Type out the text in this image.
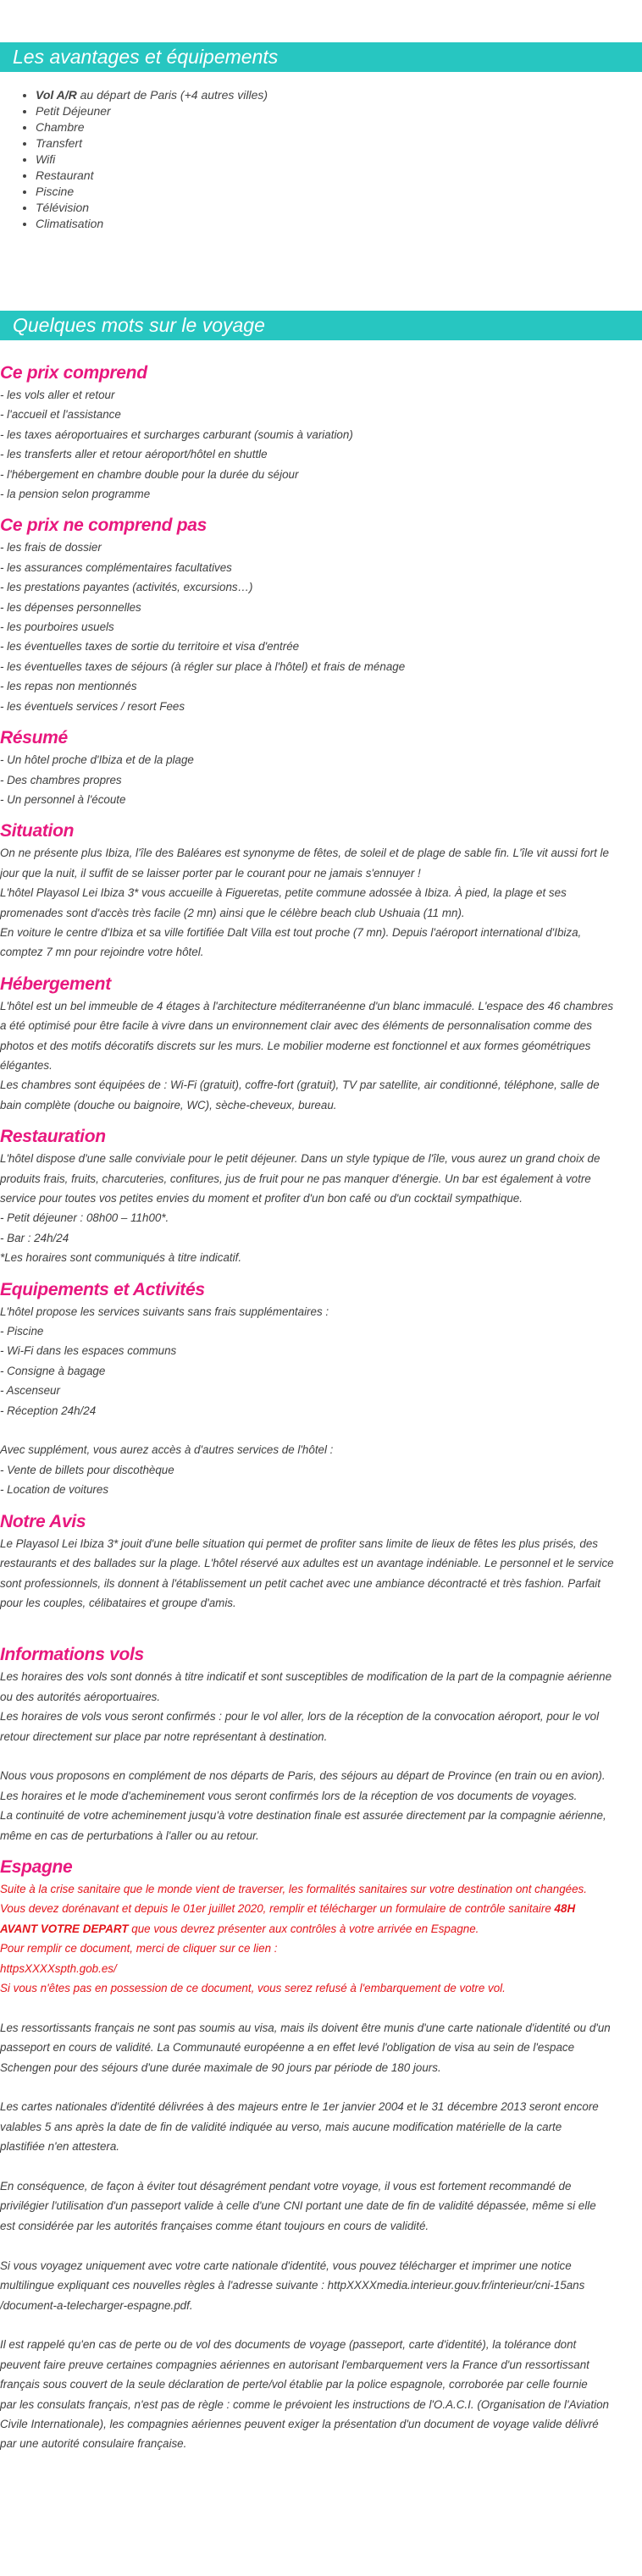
Les avantages et équipements
• Vol A/R au départ de Paris (+4 autres villes)
• Petit Déjeuner
• Chambre
• Transfert
• Wifi
• Restaurant
• Piscine
• Télévision
• Climatisation
Quelques mots sur le voyage
Ce prix comprend

- les vols aller et retour
- l'accueil et l'assistance
- les taxes aéroportuaires et surcharges carburant (soumis à variation)
- les transferts aller et retour aéroport/hôtel en shuttle
- l'hébergement en chambre double pour la durée du séjour
- la pension selon programme

Ce prix ne comprend pas

- les frais de dossier
- les assurances complémentaires facultatives
- les prestations payantes (activités, excursions…)
- les dépenses personnelles
- les pourboires usuels
- les éventuelles taxes de sortie du territoire et visa d'entrée
- les éventuelles taxes de séjours (à régler sur place à l'hôtel) et frais de ménage
- les repas non mentionnés
- les éventuels services / resort Fees

Résumé

- Un hôtel proche d'Ibiza et de la plage
- Des chambres propres
- Un personnel à l'écoute

Situation

On ne présente plus Ibiza, l'île des Baléares est synonyme de fêtes, de soleil et de plage de sable fin. L'île vit aussi fort le
jour que la nuit, il suffit de se laisser porter par le courant pour ne jamais s'ennuyer !
L'hôtel Playasol Lei Ibiza 3* vous accueille à Figueretas, petite commune adossée à Ibiza. À pied, la plage et ses
promenades sont d'accès très facile (2 mn) ainsi que le célèbre beach club Ushuaia (11 mn).
En voiture le centre d'Ibiza et sa ville fortifiée Dalt Villa est tout proche (7 mn). Depuis l'aéroport international d'Ibiza,
comptez 7 mn pour rejoindre votre hôtel.

Hébergement

L'hôtel est un bel immeuble de 4 étages à l'architecture méditerranéenne d'un blanc immaculé. L'espace des 46 chambres
a été optimisé pour être facile à vivre dans un environnement clair avec des éléments de personnalisation comme des
photos et des motifs décoratifs discrets sur les murs. Le mobilier moderne est fonctionnel et aux formes géométriques
élégantes.
Les chambres sont équipées de : Wi-Fi (gratuit), coffre-fort (gratuit), TV par satellite, air conditionné, téléphone, salle de
bain complète (douche ou baignoire, WC), sèche-cheveux, bureau.

Restauration

L'hôtel dispose d'une salle conviviale pour le petit déjeuner. Dans un style typique de l'île, vous aurez un grand choix de
produits frais, fruits, charcuteries, confitures, jus de fruit pour ne pas manquer d'énergie. Un bar est également à votre
service pour toutes vos petites envies du moment et profiter d'un bon café ou d'un cocktail sympathique.
- Petit déjeuner : 08h00 – 11h00*.
- Bar : 24h/24
*Les horaires sont communiqués à titre indicatif.

Equipements et Activités

L'hôtel propose les services suivants sans frais supplémentaires :
- Piscine
- Wi-Fi dans les espaces communs
- Consigne à bagage
- Ascenseur
- Réception 24h/24

Avec supplément, vous aurez accès à d'autres services de l'hôtel :
- Vente de billets pour discothèque
- Location de voitures

Notre Avis

Le Playasol Lei Ibiza 3* jouit d'une belle situation qui permet de profiter sans limite de lieux de fêtes les plus prisés, des
restaurants et des ballades sur la plage. L'hôtel réservé aux adultes est un avantage indéniable. Le personnel et le service
sont professionnels, ils donnent à l'établissement un petit cachet avec une ambiance décontracté et très fashion. Parfait
pour les couples, célibataires et groupe d'amis.

Informations vols

Les horaires des vols sont donnés à titre indicatif et sont susceptibles de modification de la part de la compagnie aérienne
ou des autorités aéroportuaires.
Les horaires de vols vous seront confirmés : pour le vol aller, lors de la réception de la convocation aéroport, pour le vol
retour directement sur place par notre représentant à destination.

Nous vous proposons en complément de nos départs de Paris, des séjours au départ de Province (en train ou en avion).
Les horaires et le mode d'acheminement vous seront confirmés lors de la réception de vos documents de voyages.
La continuité de votre acheminement jusqu'à votre destination finale est assurée directement par la compagnie aérienne,
même en cas de perturbations à l'aller ou au retour.

Espagne

Suite à la crise sanitaire que le monde vient de traverser, les formalités sanitaires sur votre destination ont changées.
Vous devez dorénavant et depuis le 01er juillet 2020, remplir et télécharger un formulaire de contrôle sanitaire 48H
AVANT VOTRE DEPART que vous devrez présenter aux contrôles à votre arrivée en Espagne.
Pour remplir ce document, merci de cliquer sur ce lien :
httpsXXXXspth.gob.es/
Si vous n'êtes pas en possession de ce document, vous serez refusé à l'embarquement de votre vol.

Les ressortissants français ne sont pas soumis au visa, mais ils doivent être munis d'une carte nationale d'identité ou d'un
passeport en cours de validité. La Communauté européenne a en effet levé l'obligation de visa au sein de l'espace
Schengen pour des séjours d'une durée maximale de 90 jours par période de 180 jours.

Les cartes nationales d'identité délivrées à des majeurs entre le 1er janvier 2004 et le 31 décembre 2013 seront encore
valables 5 ans après la date de fin de validité indiquée au verso, mais aucune modification matérielle de la carte
plastifiée n'en attestera.

En conséquence, de façon à éviter tout désagrément pendant votre voyage, il vous est fortement recommandé de
privilégier l'utilisation d'un passeport valide à celle d'une CNI portant une date de fin de validité dépassée, même si elle
est considérée par les autorités françaises comme étant toujours en cours de validité.

Si vous voyagez uniquement avec votre carte nationale d'identité, vous pouvez télécharger et imprimer une notice
multilingue expliquant ces nouvelles règles à l'adresse suivante : httpXXXXmedia.interieur.gouv.fr/interieur/cni-15ans
/document-a-telecharger-espagne.pdf.

Il est rappelé qu'en cas de perte ou de vol des documents de voyage (passeport, carte d'identité), la tolérance dont
peuvent faire preuve certaines compagnies aériennes en autorisant l'embarquement vers la France d'un ressortissant
français sous couvert de la seule déclaration de perte/vol établie par la police espagnole, corroborée par celle fournie
par les consulats français, n'est pas de règle : comme le prévoient les instructions de l'O.A.C.I. (Organisation de l'Aviation
Civile Internationale), les compagnies aériennes peuvent exiger la présentation d'un document de voyage valide délivré
par une autorité consulaire française.
